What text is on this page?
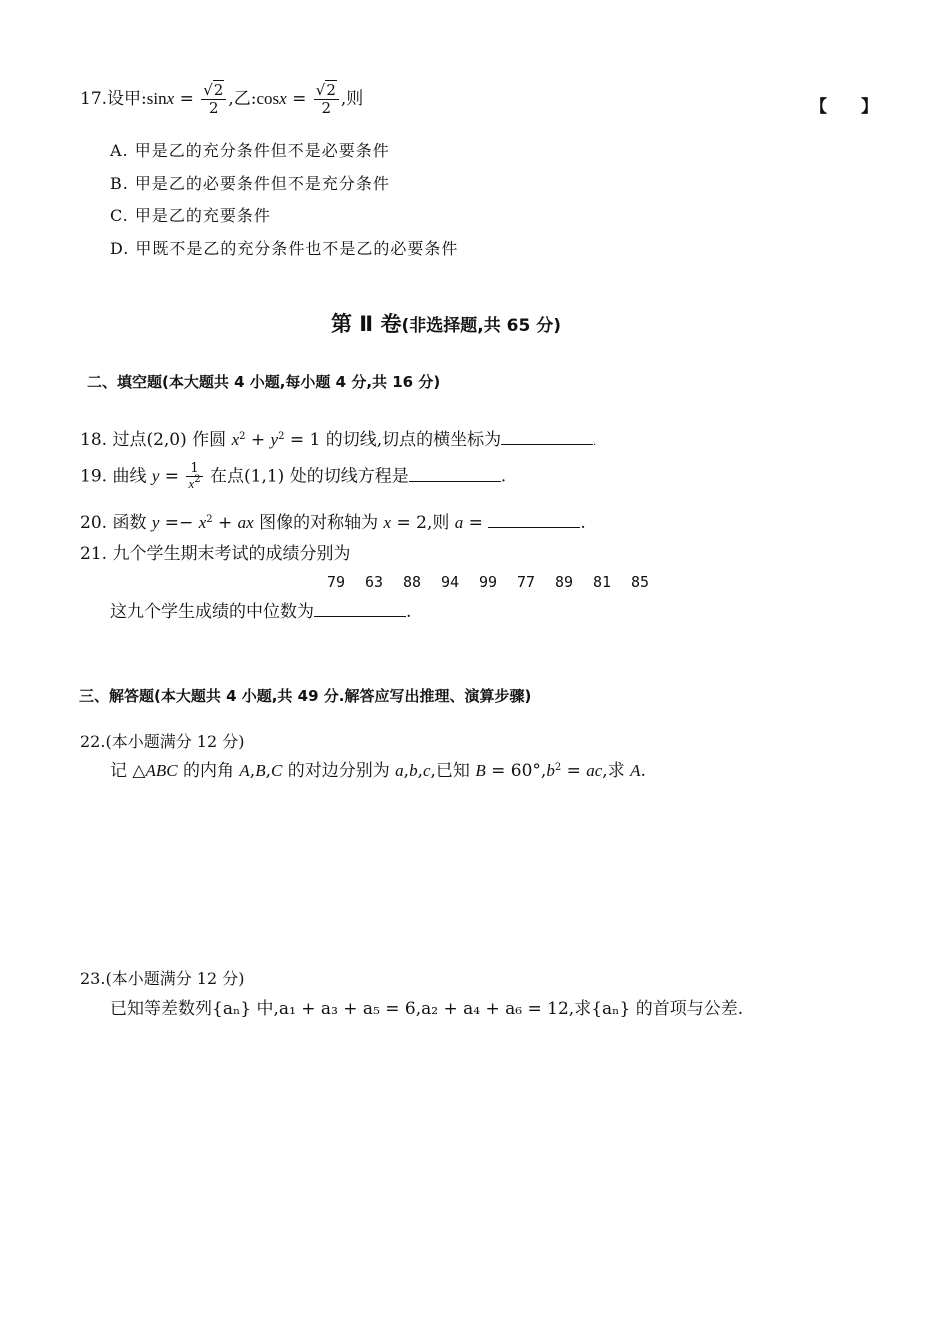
17.设甲:sinx = $\frac{√2}{2}$ ,乙:cosx = $\frac{√2}{2}$ ,则	【　　】
A. 甲是乙的充分条件但不是必要条件
B. 甲是乙的必要条件但不是充分条件
C. 甲是乙的充要条件
D. 甲既不是乙的充分条件也不是乙的必要条件
第 Ⅱ 卷(非选择题,共 65 分)
二、填空题(本大题共 4 小题,每小题 4 分,共 16 分)
18. 过点(2,0) 作圆 $x^2 + y^2 = 1$ 的切线,切点的横坐标为	.
19. 曲线 $y = \frac{1}{x^2}$ 在点(1,1) 处的切线方程是	.
20. 函数 $y =- x^2$ + ax 图像的对称轴为 x = 2,则 a =	.
21. 九个学生期末考试的成绩分别为
79 63 88 94 99 77 89 81 85
这九个学生成绩的中位数为	.
三、解答题(本大题共 4 小题,共 49 分.解答应写出推理、演算步骤)
22.(本小题满分 12 分)
记 △ABC 的内角 A,B,C 的对边分别为 a,b,c,已知 $B = 60^\circ,b^2$ = ac,求 A.
23.(本小题满分 12 分)
已知等差数列{aₙ} 中,a₁ + a₃ + a₅ = 6,a₂ + a₄ + a₆ = 12,求{aₙ} 的首项与公差.
